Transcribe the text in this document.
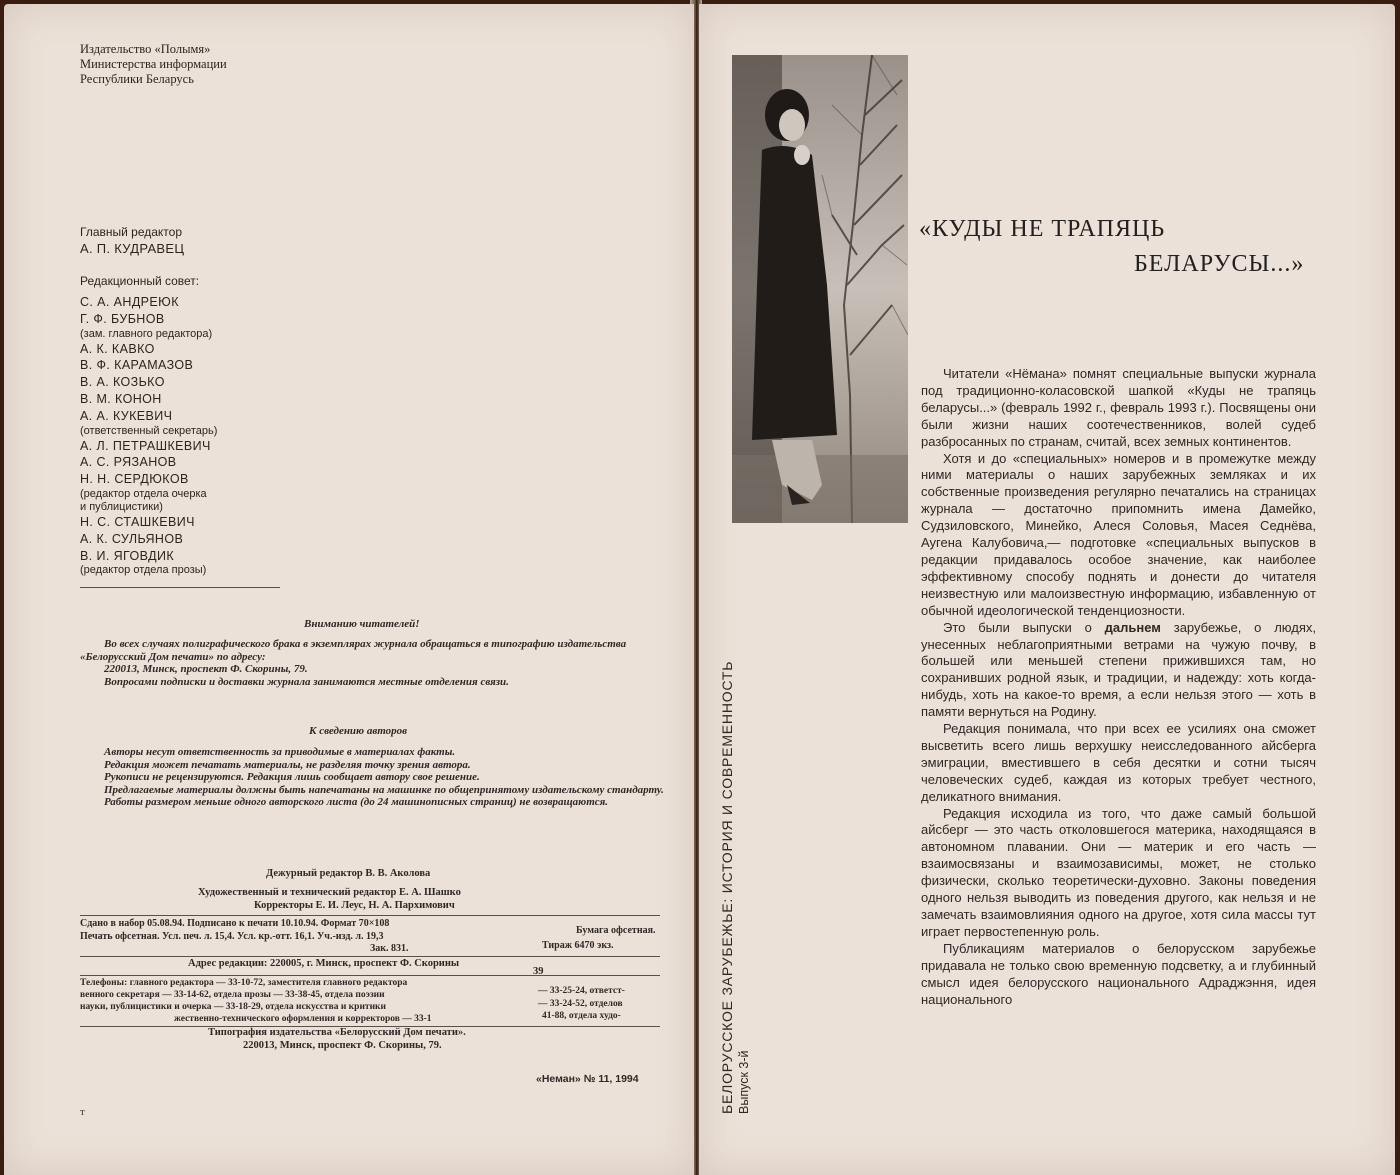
Издательство «Полымя»
Министерства информации
Республики Беларусь
Главный редактор
А. П. КУДРАВЕЦ
Редакционный совет:
С. А. АНДРЕЮК
Г. Ф. БУБНОВ
(зам. главного редактора)
А. К. КАВКО
В. Ф. КАРАМАЗОВ
В. А. КОЗЬКО
В. М. КОНОН
А. А. КУКЕВИЧ
(ответственный секретарь)
А. Л. ПЕТРАШКЕВИЧ
А. С. РЯЗАНОВ
Н. Н. СЕРДЮКОВ
(редактор отдела очерка
и публицистики)
Н. С. СТАШКЕВИЧ
А. К. СУЛЬЯНОВ
В. И. ЯГОВДИК
(редактор отдела прозы)
Вниманию читателей!

Во всех случаях полиграфического брака в экземплярах журнала обращаться в типографию издательства «Белорусский Дом печати» по адресу:

220013, Минск, проспект Ф. Скорины, 79.

Вопросами подписки и доставки журнала занимаются местные отделения связи.

К сведению авторов

Авторы несут ответственность за приводимые в материалах факты.

Редакция может печатать материалы, не разделяя точку зрения автора.

Рукописи не рецензируются. Редакция лишь сообщает автору свое решение.

Предлагаемые материалы должны быть напечатаны на машинке по общепринятому издательскому стандарту.

Работы размером меньше одного авторского листа (до 24 машинописных страниц) не возвращаются.

Дежурный редактор В. В. Аколова
Художественный и технический редактор Е. А. Шашко
Корректоры Е. И. Леус, Н. А. Пархимович
Сдано в набор 05.08.94. Подписано к печати 10.10.94. Формат 70×108
Бумага офсетная.
Печать офсетная. Усл. печ. л. 15,4. Усл. кр.-отт. 16,1. Уч.-изд. л. 19,3
Тираж 6470 экз.
Зак. 831.
Адрес редакции: 220005, г. Минск, проспект Ф. Скорины
39
Телефоны: главного редактора — 33-10-72, заместителя главного редактора
— 33-25-24, ответст-
венного секретаря — 33-14-62, отдела прозы — 33-38-45, отдела поэзии
— 33-24-52, отделов
науки, публицистики и очерка — 33-18-29, отдела искусства и критики
41-88, отдела худо-
жественно-технического оформления и корректоров — 33-1
Типография издательства «Белорусский Дом печати».
220013, Минск, проспект Ф. Скорины, 79.
«Неман» № 11, 1994
т
«КУДЫ НЕ ТРАПЯЦЬ
БЕЛАРУСЫ...»
БЕЛОРУССКОЕ ЗАРУБЕЖЬЕ: ИСТОРИЯ И СОВРЕМЕННОСТЬ Выпуск 3-й

Читатели «Нёмана» помнят специальные выпуски журнала под традиционно-коласовской шапкой «Куды не трапяць беларусы...» (февраль 1992 г., февраль 1993 г.). Посвящены они были жизни наших соотечественников, волей судеб разбросанных по странам, считай, всех земных континентов.

Хотя и до «специальных» номеров и в промежутке между ними материалы о наших зарубежных земляках и их собственные произведения регулярно печатались на страницах журнала — достаточно припомнить имена Дамейко, Судзиловского, Минейко, Алеся Соловья, Масея Седнёва, Аугена Калубовича,— подготовке «специальных выпусков в редакции придавалось особое значение, как наиболее эффективному способу поднять и донести до читателя неизвестную или малоизвестную информацию, избавленную от обычной идеологической тенденциозности.

Это были выпуски о дальнем зарубежье, о людях, унесенных неблагоприятными ветрами на чужую почву, в большей или меньшей степени прижившихся там, но сохранивших родной язык, и традиции, и надежду: хоть когда-нибудь, хоть на какое-то время, а если нельзя этого — хоть в памяти вернуться на Родину.

Редакция понимала, что при всех ее усилиях она сможет высветить всего лишь верхушку неисследованного айсберга эмиграции, вместившего в себя десятки и сотни тысяч человеческих судеб, каждая из которых требует честного, деликатного внимания.

Редакция исходила из того, что даже самый большой айсберг — это часть отколовшегося материка, находящаяся в автономном плавании. Они — материк и его часть — взаимосвязаны и взаимозависимы, может, не столько физически, сколько теоретически-духовно. Законы поведения одного нельзя выводить из поведения другого, как нельзя и не замечать взаимовлияния одного на другое, хотя сила массы тут играет первостепенную роль.

Публикациям материалов о белорусском зарубежье придавала не только свою временную подсветку, а и глубинный смысл идея белорусского национального Адраджэння, идея национального
